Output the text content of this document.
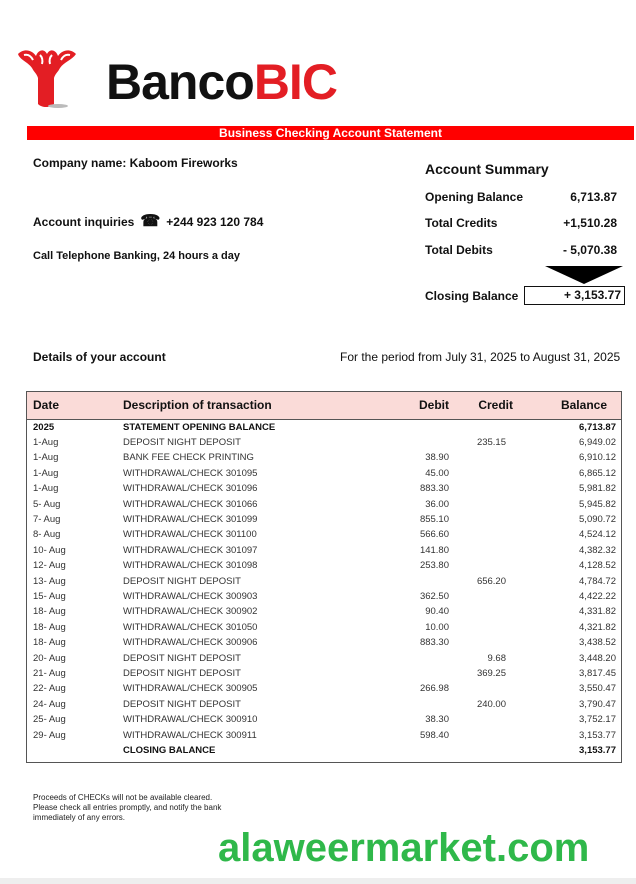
BancoBIC
Business Checking Account Statement
Company name: Kaboom Fireworks
Account inquiries ☎ +244 923 120 784
Call Telephone Banking, 24 hours a day
Account Summary
Opening Balance	6,713.87
Total Credits	+1,510.28
Total Debits	- 5,070.38
Closing Balance	+ 3,153.77
Details of your account	For the period from July 31, 2025 to August 31, 2025
Date	Description of transaction	Debit	Credit	Balance
2025	STATEMENT OPENING BALANCE			6,713.87
1-Aug	DEPOSIT NIGHT DEPOSIT		235.15	6,949.02
1-Aug	BANK FEE CHECK PRINTING	38.90		6,910.12
1-Aug	WITHDRAWAL/CHECK 301095	45.00		6,865.12
1-Aug	WITHDRAWAL/CHECK 301096	883.30		5,981.82
5- Aug	WITHDRAWAL/CHECK 301066	36.00		5,945.82
7- Aug	WITHDRAWAL/CHECK 301099	855.10		5,090.72
8- Aug	WITHDRAWAL/CHECK 301100	566.60		4,524.12
10- Aug	WITHDRAWAL/CHECK 301097	141.80		4,382.32
12- Aug	WITHDRAWAL/CHECK 301098	253.80		4,128.52
13- Aug	DEPOSIT NIGHT DEPOSIT		656.20	4,784.72
15- Aug	WITHDRAWAL/CHECK 300903	362.50		4,422.22
18- Aug	WITHDRAWAL/CHECK 300902	90.40		4,331.82
18- Aug	WITHDRAWAL/CHECK 301050	10.00		4,321.82
18- Aug	WITHDRAWAL/CHECK 300906	883.30		3,438.52
20- Aug	DEPOSIT NIGHT DEPOSIT		9.68	3,448.20
21- Aug	DEPOSIT NIGHT DEPOSIT		369.25	3,817.45
22- Aug	WITHDRAWAL/CHECK 300905	266.98		3,550.47
24- Aug	DEPOSIT NIGHT DEPOSIT		240.00	3,790.47
25- Aug	WITHDRAWAL/CHECK 300910	38.30		3,752.17
29- Aug	WITHDRAWAL/CHECK 300911	598.40		3,153.77
	CLOSING BALANCE			3,153.77
Proceeds of CHECKs will not be available cleared. Please check all entries promptly, and notify the bank immediately of any errors.
alaweermarket.com
